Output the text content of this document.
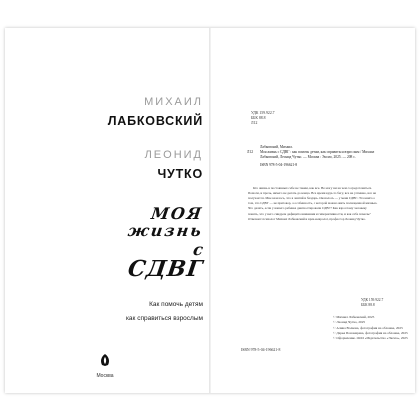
МИХАИЛ
ЛАБКОВСКИЙ
ЛЕОНИД
ЧУТКО
МОЯ
жизнь
с
СДВГ
Как помочь детям
как справиться взрослым
Москва
УДК 159.922.7
ББК 88.8
Л12
Лабковский, Михаил.
Л12	Моя жизнь с СДВГ : как помочь детям, как справиться взрослым / Михаил Лабковский, Леонид Чутко. — Москва : Эксмо, 2025. — 208 с.
ISBN 978-5-04-196621-8

Кто жизнь в постоянных себе не таким, как все. Не могу ни на чем сосредоточиться. Помоги, и прочь, ничего не делать до конца. Все время куда-то бегу, все не успеваю, все не получается. Мне казалось, что я лентяй и бездарь. Оказалось — у меня СДВГ. Эта книга о том, что СДВГ — не приговор, а особенность, с которой можно жить полноценной жизнью. Что делать, если у вашего ребенка диагностировали СДВГ? Как взрослому человеку понять, что у него синдром дефицита внимания и гиперактивности, и как себе помочь? Отвечают психолог Михаил Лабковский и врач-невролог, профессор Леонид Чутко.

УДК 159.922.7
ББК 88.8
© Михаил Лабковский, 2025
© Леонид Чутко, 2025
© Алина Волкова, фотография на обложке, 2025
© Дарья Пономарева, фотография на обложке, 2025
© Оформление. ООО «Издательство «Эксмо», 2025
ISBN 978-5-04-196621-8
